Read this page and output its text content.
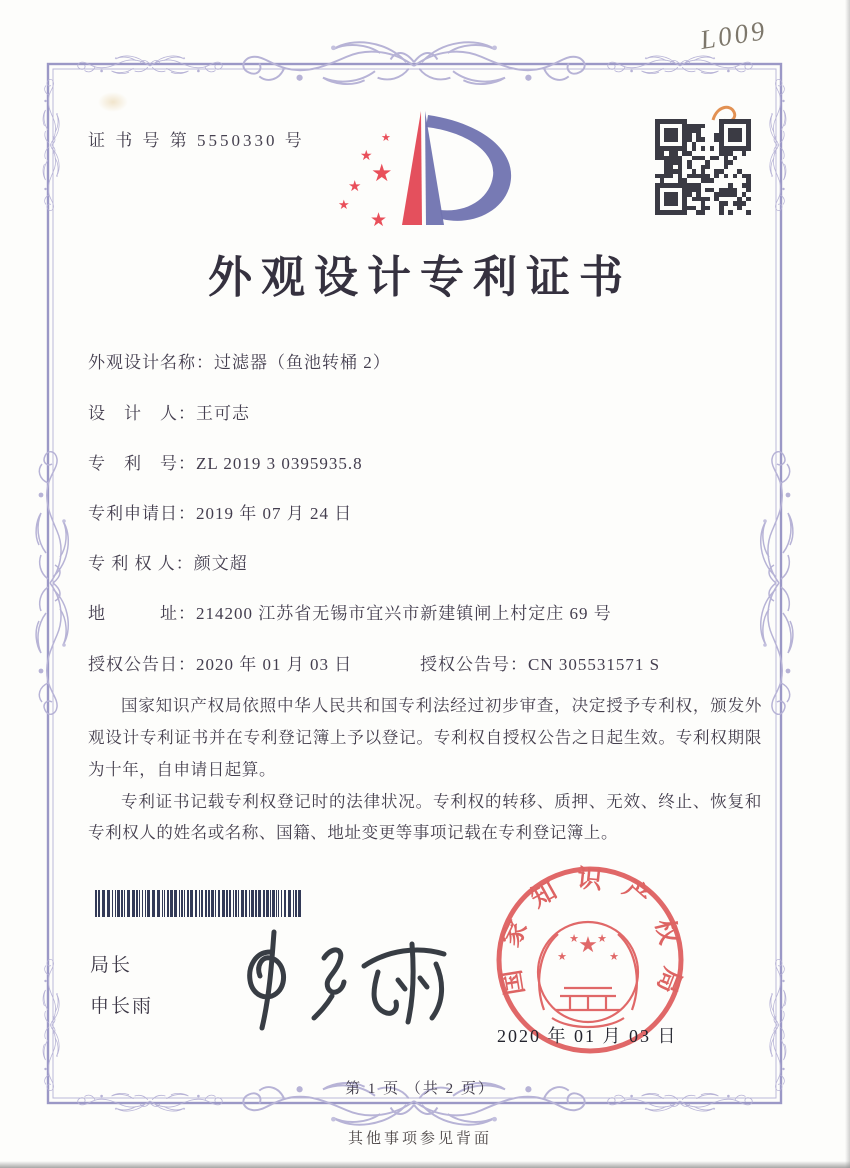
L009
证 书 号 第 5550330 号	★
★
★
★
★
★
外观设计专利证书
外观设计名称：过滤器（鱼池转桶 2）
设　计　人：王可志
专　利　号：ZL 2019 3 0395935.8
专利申请日：2019 年 07 月 24 日
专 利 权 人：颜文超
地　　　址：214200 江苏省无锡市宜兴市新建镇闸上村定庄 69 号
授权公告日：2020 年 01 月 03 日	授权公告号：CN 305531571 S

国家知识产权局依照中华人民共和国专利法经过初步审查，决定授予专利权，颁发外观设计专利证书并在专利登记簿上予以登记。专利权自授权公告之日起生效。专利权期限为十年，自申请日起算。

专利证书记载专利权登记时的法律状况。专利权的转移、质押、无效、终止、恢复和专利权人的姓名或名称、国籍、地址变更等事项记载在专利登记簿上。

局长
申长雨
★
★
★ ★
★
国家知识产权局
2020 年 01 月 03 日
第 1 页 （共 2 页）
其他事项参见背面
